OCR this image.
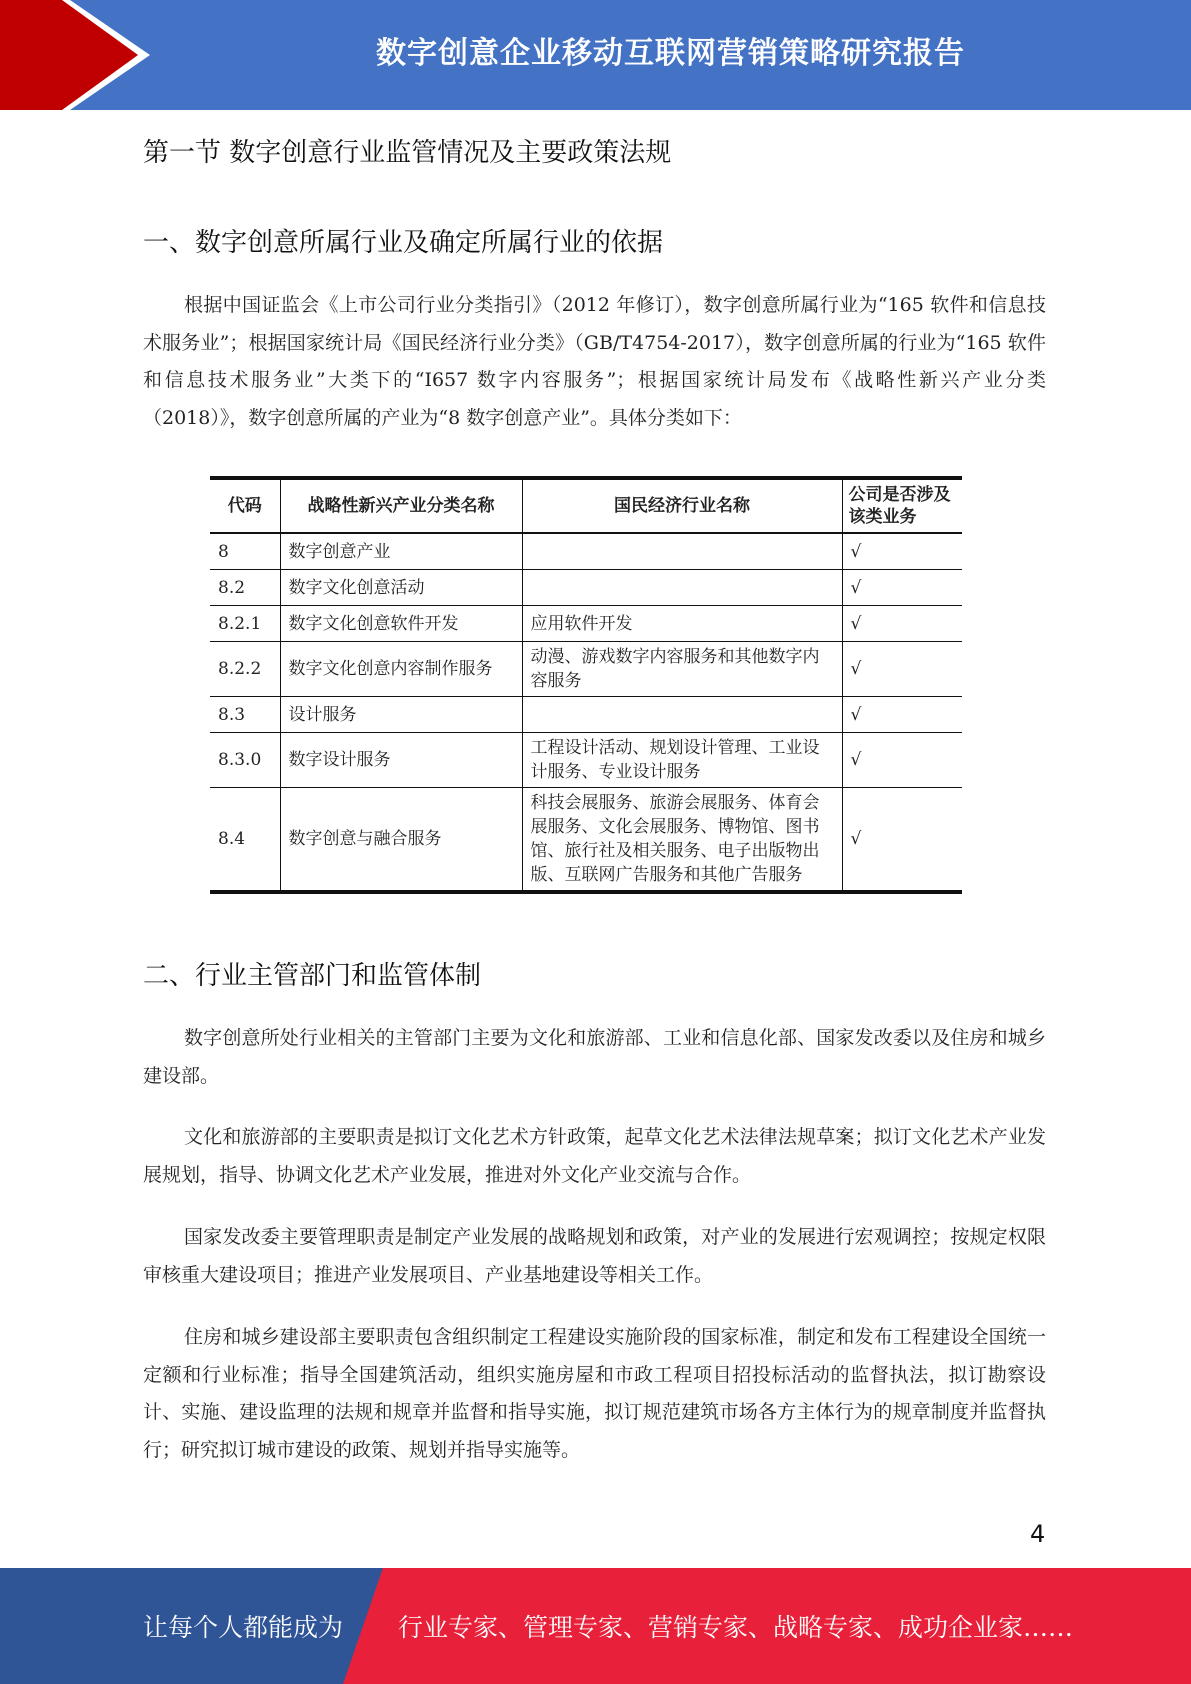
数字创意企业移动互联网营销策略研究报告
第一节 数字创意行业监管情况及主要政策法规
一、数字创意所属行业及确定所属行业的依据

根据中国证监会《上市公司行业分类指引》（2012 年修订），数字创意所属行业为“165 软件和信息技术服务业”；根据国家统计局《国民经济行业分类》（GB/T4754-2017），数字创意所属的行业为“165 软件和信息技术服务业”大类下的“I657 数字内容服务”；根据国家统计局发布《战略性新兴产业分类（2018）》，数字创意所属的产业为“8 数字创意产业”。具体分类如下：

代码	战略性新兴产业分类名称	国民经济行业名称	公司是否涉及该类业务
8	数字创意产业		√
8.2	数字文化创意活动		√
8.2.1	数字文化创意软件开发	应用软件开发	√
8.2.2	数字文化创意内容制作服务	动漫、游戏数字内容服务和其他数字内容服务	√
8.3	设计服务		√
8.3.0	数字设计服务	工程设计活动、规划设计管理、工业设计服务、专业设计服务	√
8.4	数字创意与融合服务	科技会展服务、旅游会展服务、体育会展服务、文化会展服务、博物馆、图书馆、旅行社及相关服务、电子出版物出版、互联网广告服务和其他广告服务	√
二、行业主管部门和监管体制

数字创意所处行业相关的主管部门主要为文化和旅游部、工业和信息化部、国家发改委以及住房和城乡建设部。

文化和旅游部的主要职责是拟订文化艺术方针政策，起草文化艺术法律法规草案；拟订文化艺术产业发展规划，指导、协调文化艺术产业发展，推进对外文化产业交流与合作。

国家发改委主要管理职责是制定产业发展的战略规划和政策，对产业的发展进行宏观调控；按规定权限审核重大建设项目；推进产业发展项目、产业基地建设等相关工作。

住房和城乡建设部主要职责包含组织制定工程建设实施阶段的国家标准，制定和发布工程建设全国统一定额和行业标准；指导全国建筑活动，组织实施房屋和市政工程项目招投标活动的监督执法，拟订勘察设计、实施、建设监理的法规和规章并监督和指导实施，拟订规范建筑市场各方主体行为的规章制度并监督执行；研究拟订城市建设的政策、规划并指导实施等。

4
让每个人都能成为 行业专家、管理专家、营销专家、战略专家、成功企业家……
